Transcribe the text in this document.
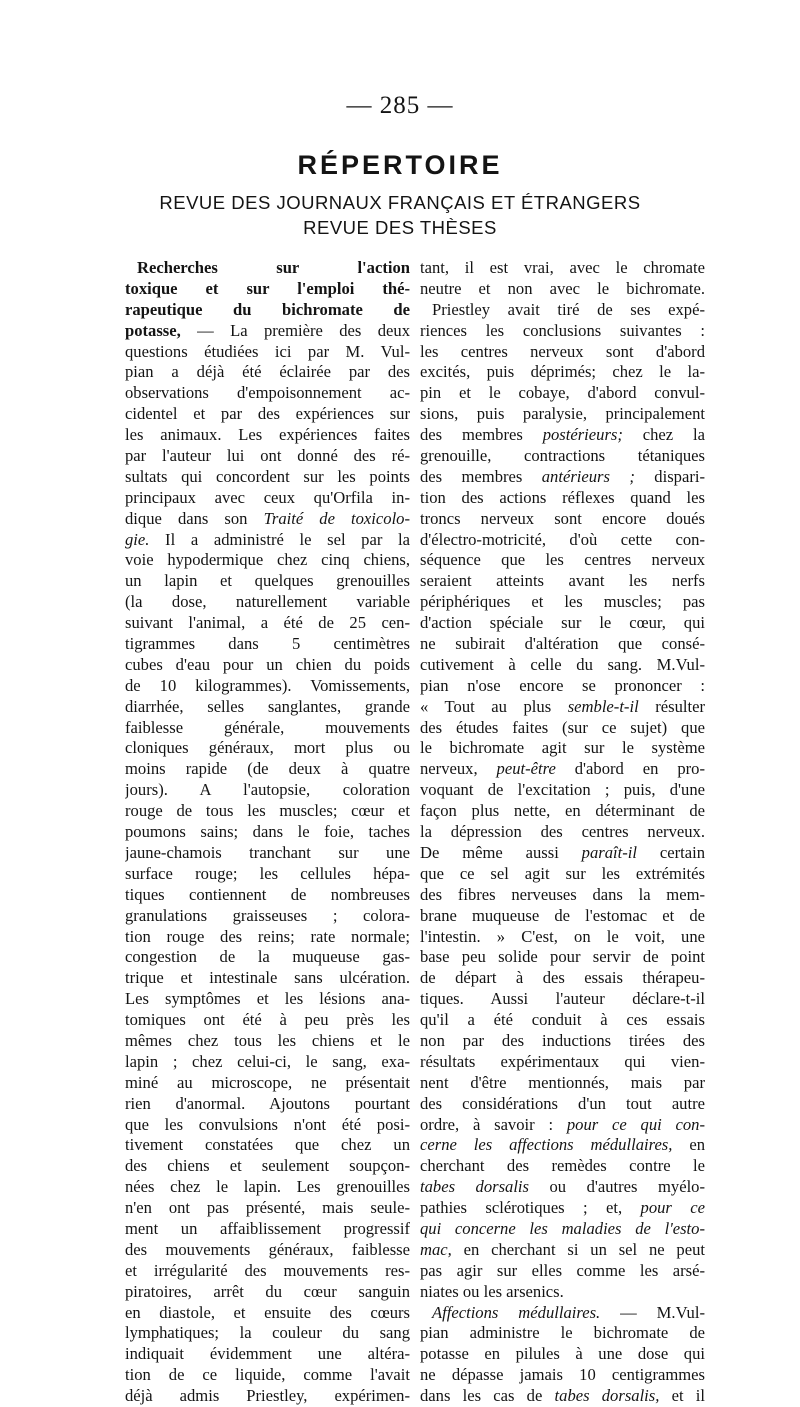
— 285 —
RÉPERTOIRE
REVUE DES JOURNAUX FRANÇAIS ET ÉTRANGERS
REVUE DES THÈSES
Recherches sur l'action
toxique et sur l'emploi thé-
rapeutique du bichromate de
potasse, — La première des deux
questions étudiées ici par M. Vul-
pian a déjà été éclairée par des
observations d'empoisonnement ac-
cidentel et par des expériences sur
les animaux. Les expériences faites
par l'auteur lui ont donné des ré-
sultats qui concordent sur les points
principaux avec ceux qu'Orfila in-
dique dans son Traité de toxicolo-
gie. Il a administré le sel par la
voie hypodermique chez cinq chiens,
un lapin et quelques grenouilles
(la dose, naturellement variable
suivant l'animal, a été de 25 cen-
tigrammes dans 5 centimètres
cubes d'eau pour un chien du poids
de 10 kilogrammes). Vomissements,
diarrhée, selles sanglantes, grande
faiblesse générale, mouvements
cloniques généraux, mort plus ou
moins rapide (de deux à quatre
jours). A l'autopsie, coloration
rouge de tous les muscles; cœur et
poumons sains; dans le foie, taches
jaune-chamois tranchant sur une
surface rouge; les cellules hépa-
tiques contiennent de nombreuses
granulations graisseuses ; colora-
tion rouge des reins; rate normale;
congestion de la muqueuse gas-
trique et intestinale sans ulcération.
Les symptômes et les lésions ana-
tomiques ont été à peu près les
mêmes chez tous les chiens et le
lapin ; chez celui-ci, le sang, exa-
miné au microscope, ne présentait
rien d'anormal. Ajoutons pourtant
que les convulsions n'ont été posi-
tivement constatées que chez un
des chiens et seulement soupçon-
nées chez le lapin. Les grenouilles
n'en ont pas présenté, mais seule-
ment un affaiblissement progressif
des mouvements généraux, faiblesse
et irrégularité des mouvements res-
piratoires, arrêt du cœur sanguin
en diastole, et ensuite des cœurs
lymphatiques; la couleur du sang
indiquait évidemment une altéra-
tion de ce liquide, comme l'avait
déjà admis Priestley, expérimen-
tant, il est vrai, avec le chromate
neutre et non avec le bichromate.
Priestley avait tiré de ses expé-
riences les conclusions suivantes :
les centres nerveux sont d'abord
excités, puis déprimés; chez le la-
pin et le cobaye, d'abord convul-
sions, puis paralysie, principalement
des membres postérieurs; chez la
grenouille, contractions tétaniques
des membres antérieurs ; dispari-
tion des actions réflexes quand les
troncs nerveux sont encore doués
d'électro-motricité, d'où cette con-
séquence que les centres nerveux
seraient atteints avant les nerfs
périphériques et les muscles; pas
d'action spéciale sur le cœur, qui
ne subirait d'altération que consé-
cutivement à celle du sang. M.Vul-
pian n'ose encore se prononcer :
« Tout au plus semble-t-il résulter
des études faites (sur ce sujet) que
le bichromate agit sur le système
nerveux, peut-être d'abord en pro-
voquant de l'excitation ; puis, d'une
façon plus nette, en déterminant de
la dépression des centres nerveux.
De même aussi paraît-il certain
que ce sel agit sur les extrémités
des fibres nerveuses dans la mem-
brane muqueuse de l'estomac et de
l'intestin. » C'est, on le voit, une
base peu solide pour servir de point
de départ à des essais thérapeu-
tiques. Aussi l'auteur déclare-t-il
qu'il a été conduit à ces essais
non par des inductions tirées des
résultats expérimentaux qui vien-
nent d'être mentionnés, mais par
des considérations d'un tout autre
ordre, à savoir : pour ce qui con-
cerne les affections médullaires, en
cherchant des remèdes contre le
tabes dorsalis ou d'autres myélo-
pathies sclérotiques ; et, pour ce
qui concerne les maladies de l'esto-
mac, en cherchant si un sel ne peut
pas agir sur elles comme les arsé-
niates ou les arsenics.
Affections médullaires. — M.Vul-
pian administre le bichromate de
potasse en pilules à une dose qui
ne dépasse jamais 10 centigrammes
dans les cas de tabes dorsalis, et il
